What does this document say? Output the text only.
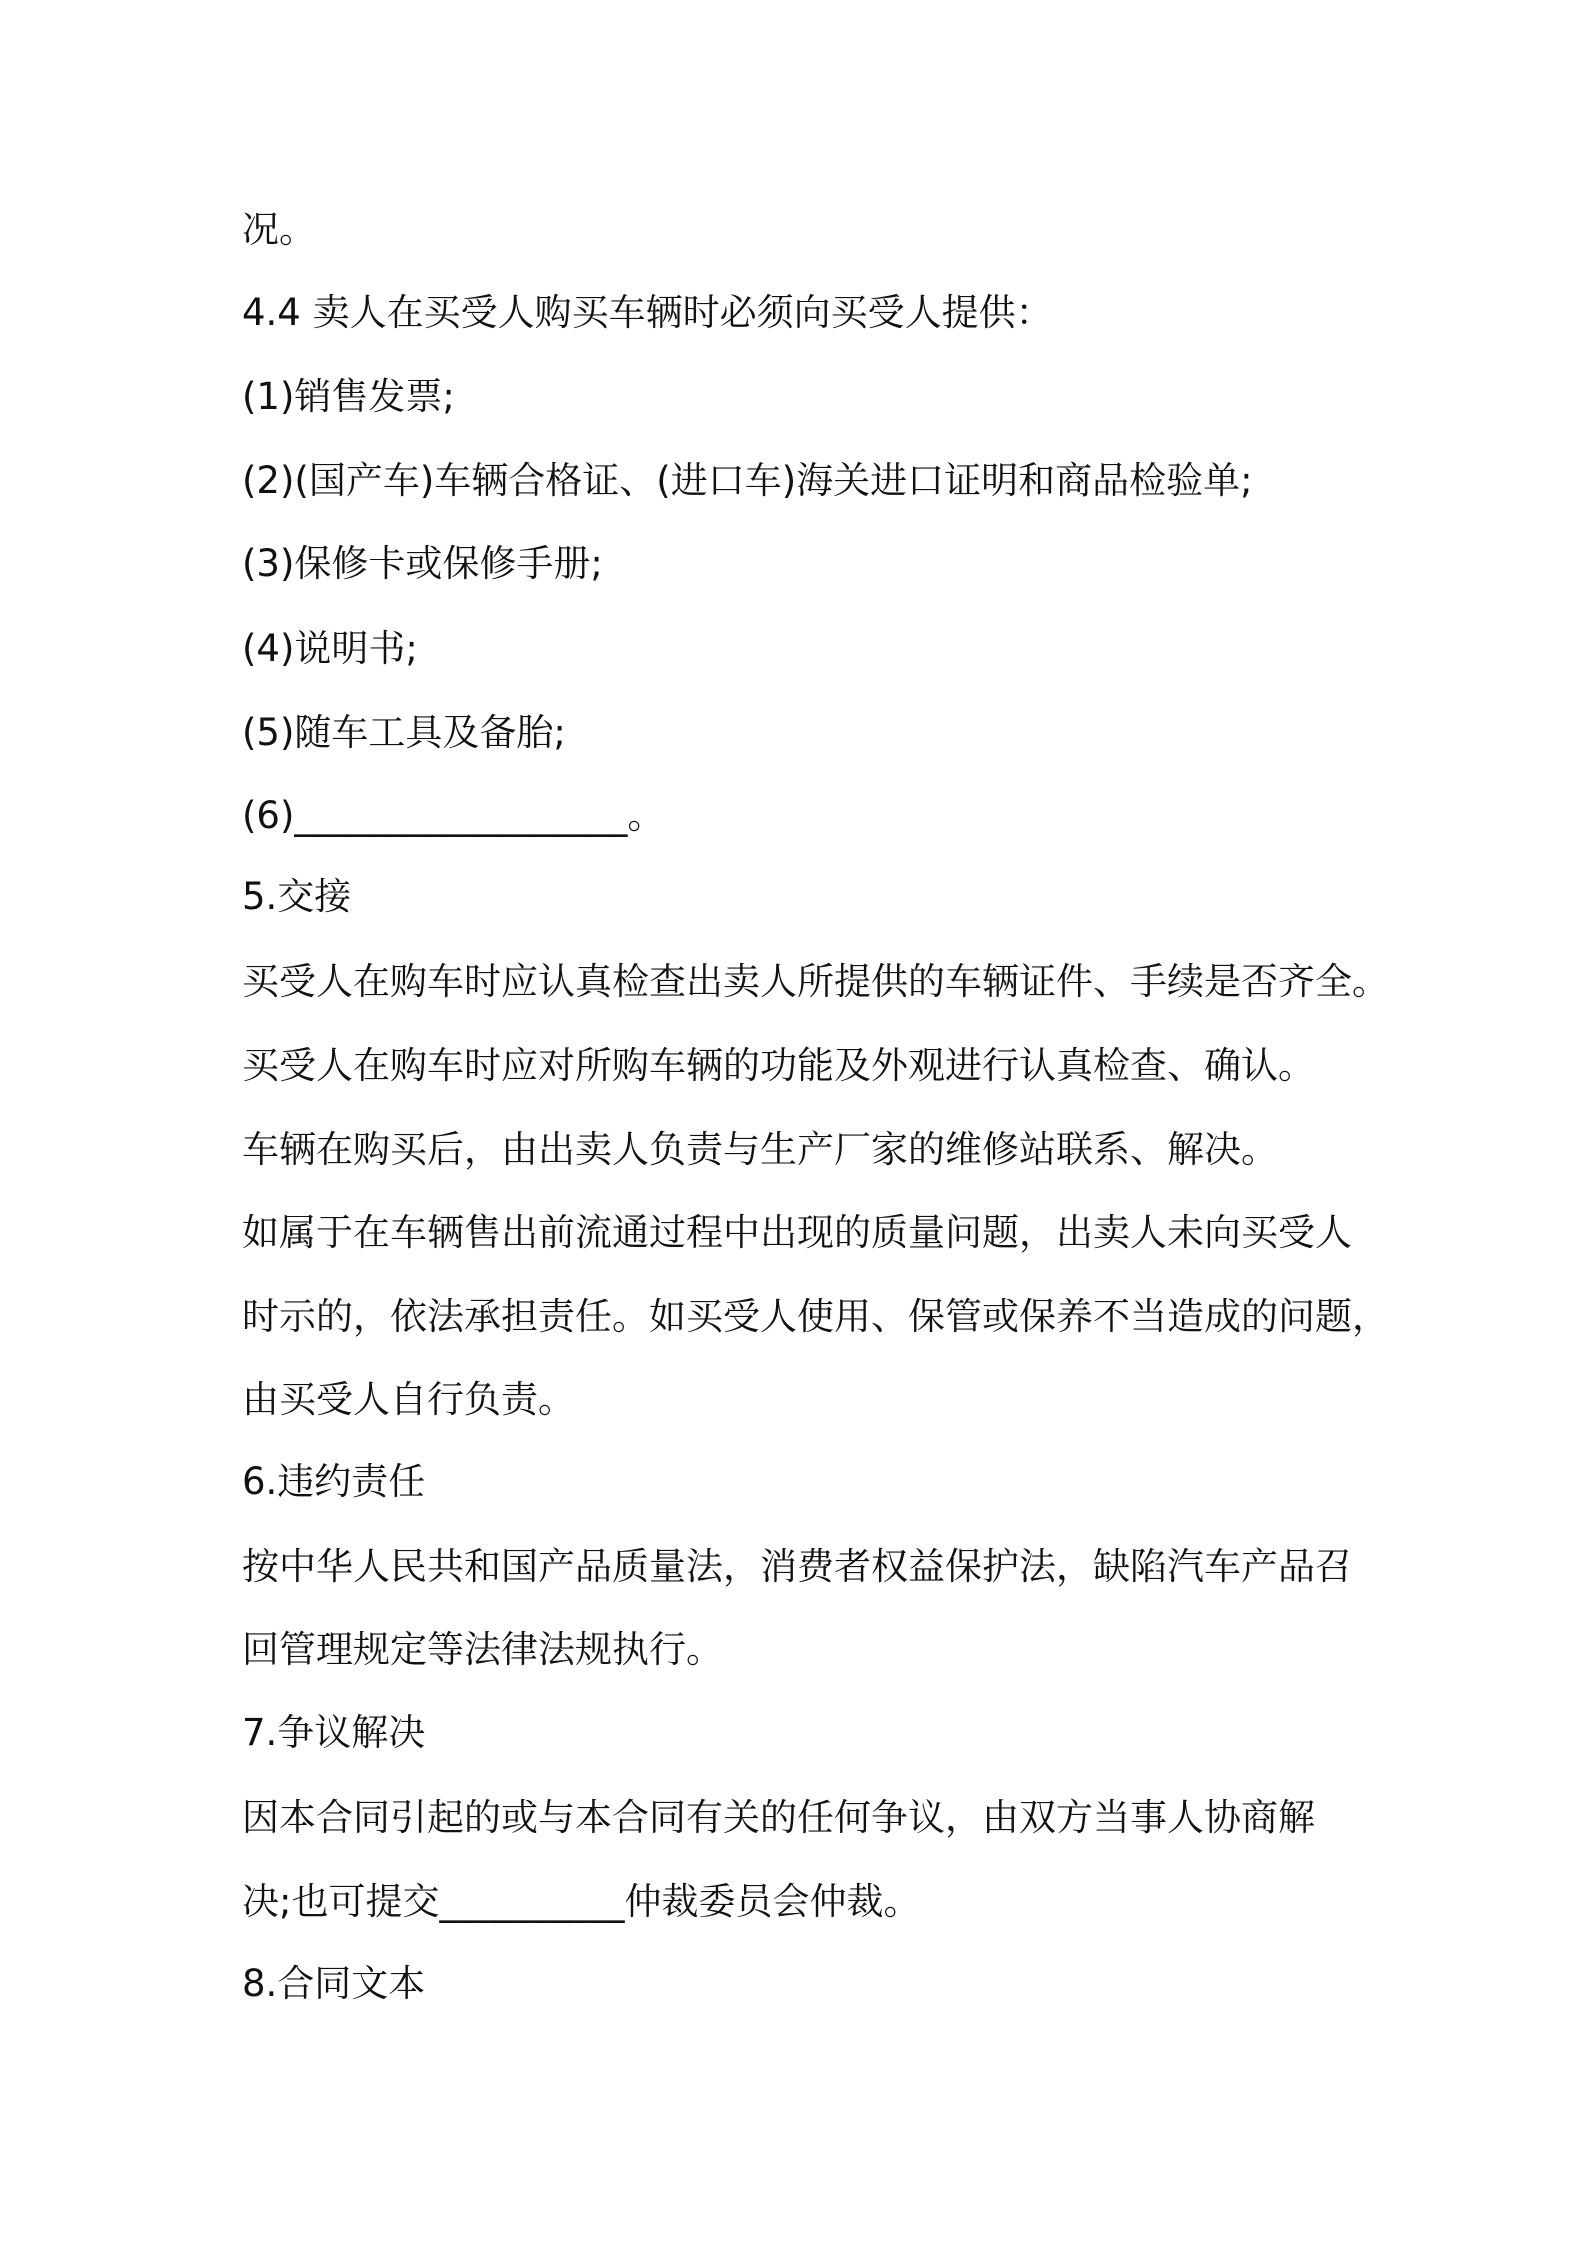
况。

4.4 卖人在买受人购买车辆时必须向买受人提供：

(1)销售发票;

(2)(国产车)车辆合格证、(进口车)海关进口证明和商品检验单;

(3)保修卡或保修手册;

(4)说明书;

(5)随车工具及备胎;

(6)__________________。

5.交接

买受人在购车时应认真检查出卖人所提供的车辆证件、手续是否齐全。

买受人在购车时应对所购车辆的功能及外观进行认真检查、确认。

车辆在购买后，由出卖人负责与生产厂家的维修站联系、解决。

如属于在车辆售出前流通过程中出现的质量问题，出卖人未向买受人

时示的，依法承担责任。如买受人使用、保管或保养不当造成的问题，

由买受人自行负责。

6.违约责任

按中华人民共和国产品质量法，消费者权益保护法，缺陷汽车产品召

回管理规定等法律法规执行。

7.争议解决

因本合同引起的或与本合同有关的任何争议，由双方当事人协商解

决;也可提交__________仲裁委员会仲裁。

8.合同文本
